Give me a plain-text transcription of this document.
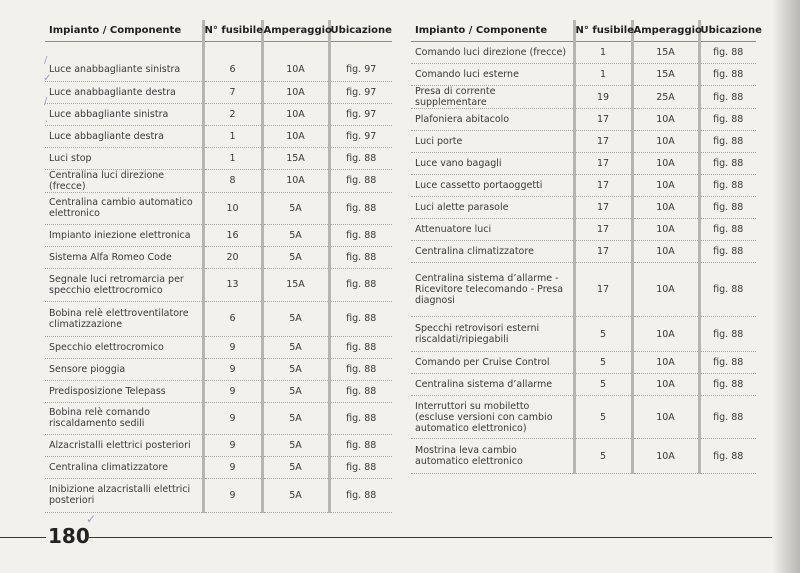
Impianto / Componente	N° fusibile	Amperaggio	Ubicazione

Luce anabbagliante sinistra	6	10A	fig. 97
Luce anabbagliante destra	7	10A	fig. 97
Luce abbagliante sinistra	2	10A	fig. 97
Luce abbagliante destra	1	10A	fig. 97
Luci stop	1	15A	fig. 88
Centralina luci direzione (frecce)	8	10A	fig. 88
Centralina cambio automatico elettronico	10	5A	fig. 88
Impianto iniezione elettronica	16	5A	fig. 88
Sistema Alfa Romeo Code	20	5A	fig. 88
Segnale luci retromarcia per specchio elettrocromico	13	15A	fig. 88
Bobina relè elettroventilatore climatizzazione	6	5A	fig. 88
Specchio elettrocromico	9	5A	fig. 88
Sensore pioggia	9	5A	fig. 88
Predisposizione Telepass	9	5A	fig. 88
Bobina relè comando riscaldamento sedili	9	5A	fig. 88
Alzacristalli elettrici posteriori	9	5A	fig. 88
Centralina climatizzatore	9	5A	fig. 88
Inibizione alzacristalli elettrici posteriori	9	5A	fig. 88
Impianto / Componente	N° fusibile	Amperaggio	Ubicazione
Comando luci direzione (frecce)	1	15A	fig. 88
Comando luci esterne	1	15A	fig. 88
Presa di corrente supplementare	19	25A	fig. 88
Plafoniera abitacolo	17	10A	fig. 88
Luci porte	17	10A	fig. 88
Luce vano bagagli	17	10A	fig. 88
Luce cassetto portaoggetti	17	10A	fig. 88
Luci alette parasole	17	10A	fig. 88
Attenuatore luci	17	10A	fig. 88
Centralina climatizzatore	17	10A	fig. 88
Centralina sistema d’allarme - Ricevitore telecomando - Presa diagnosi	17	10A	fig. 88
Specchi retrovisori esterni riscaldati/ripiegabili	5	10A	fig. 88
Comando per Cruise Control	5	10A	fig. 88
Centralina sistema d’allarme	5	10A	fig. 88
Interruttori su mobiletto (escluse versioni con cambio automatico elettronico)	5	10A	fig. 88
Mostrina leva cambio automatico elettronico	5	10A	fig. 88
/
✓
/
·
180
✓
